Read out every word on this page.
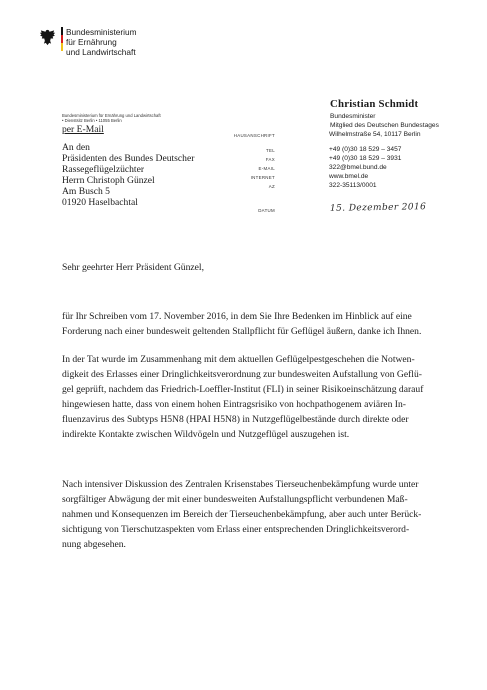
Bundesministerium
für Ernährung
und Landwirtschaft
Bundesministerium für Ernährung und Landwirtschaft
• Dienstsitz Berlin • 11055 Berlin
per E-Mail
An den
Präsidenten des Bundes Deutscher
Rassegeflügelzüchter
Herrn Christoph Günzel
Am Busch 5
01920 Haselbachtal
Christian Schmidt
Bundesminister
Mitglied des Deutschen Bundestages
HAUSANSCHRIFT	Wilhelmstraße 54, 10117 Berlin
TEL	+49 (0)30 18 529 – 3457
FAX	+49 (0)30 18 529 – 3931
E-MAIL	322@bmel.bund.de
INTERNET	www.bmel.de
AZ	322-35113/0001
DATUM	15. Dezember 2016
Sehr geehrter Herr Präsident Günzel,
für Ihr Schreiben vom 17. November 2016, in dem Sie Ihre Bedenken im Hinblick auf eine
Forderung nach einer bundesweit geltenden Stallpflicht für Geflügel äußern, danke ich Ihnen.
In der Tat wurde im Zusammenhang mit dem aktuellen Geflügelpestgeschehen die Notwen-
digkeit des Erlasses einer Dringlichkeitsverordnung zur bundesweiten Aufstallung von Geflü-
gel geprüft, nachdem das Friedrich-Loeffler-Institut (FLI) in seiner Risikoeinschätzung darauf
hingewiesen hatte, dass von einem hohen Eintragsrisiko von hochpathogenem aviären In-
fluenzavirus des Subtyps H5N8 (HPAI H5N8) in Nutzgeflügelbestände durch direkte oder
indirekte Kontakte zwischen Wildvögeln und Nutzgeflügel auszugehen ist.
Nach intensiver Diskussion des Zentralen Krisenstabes Tierseuchenbekämpfung wurde unter
sorgfältiger Abwägung der mit einer bundesweiten Aufstallungspflicht verbundenen Maß-
nahmen und Konsequenzen im Bereich der Tierseuchenbekämpfung, aber auch unter Berück-
sichtigung von Tierschutzaspekten vom Erlass einer entsprechenden Dringlichkeitsverord-
nung abgesehen.
